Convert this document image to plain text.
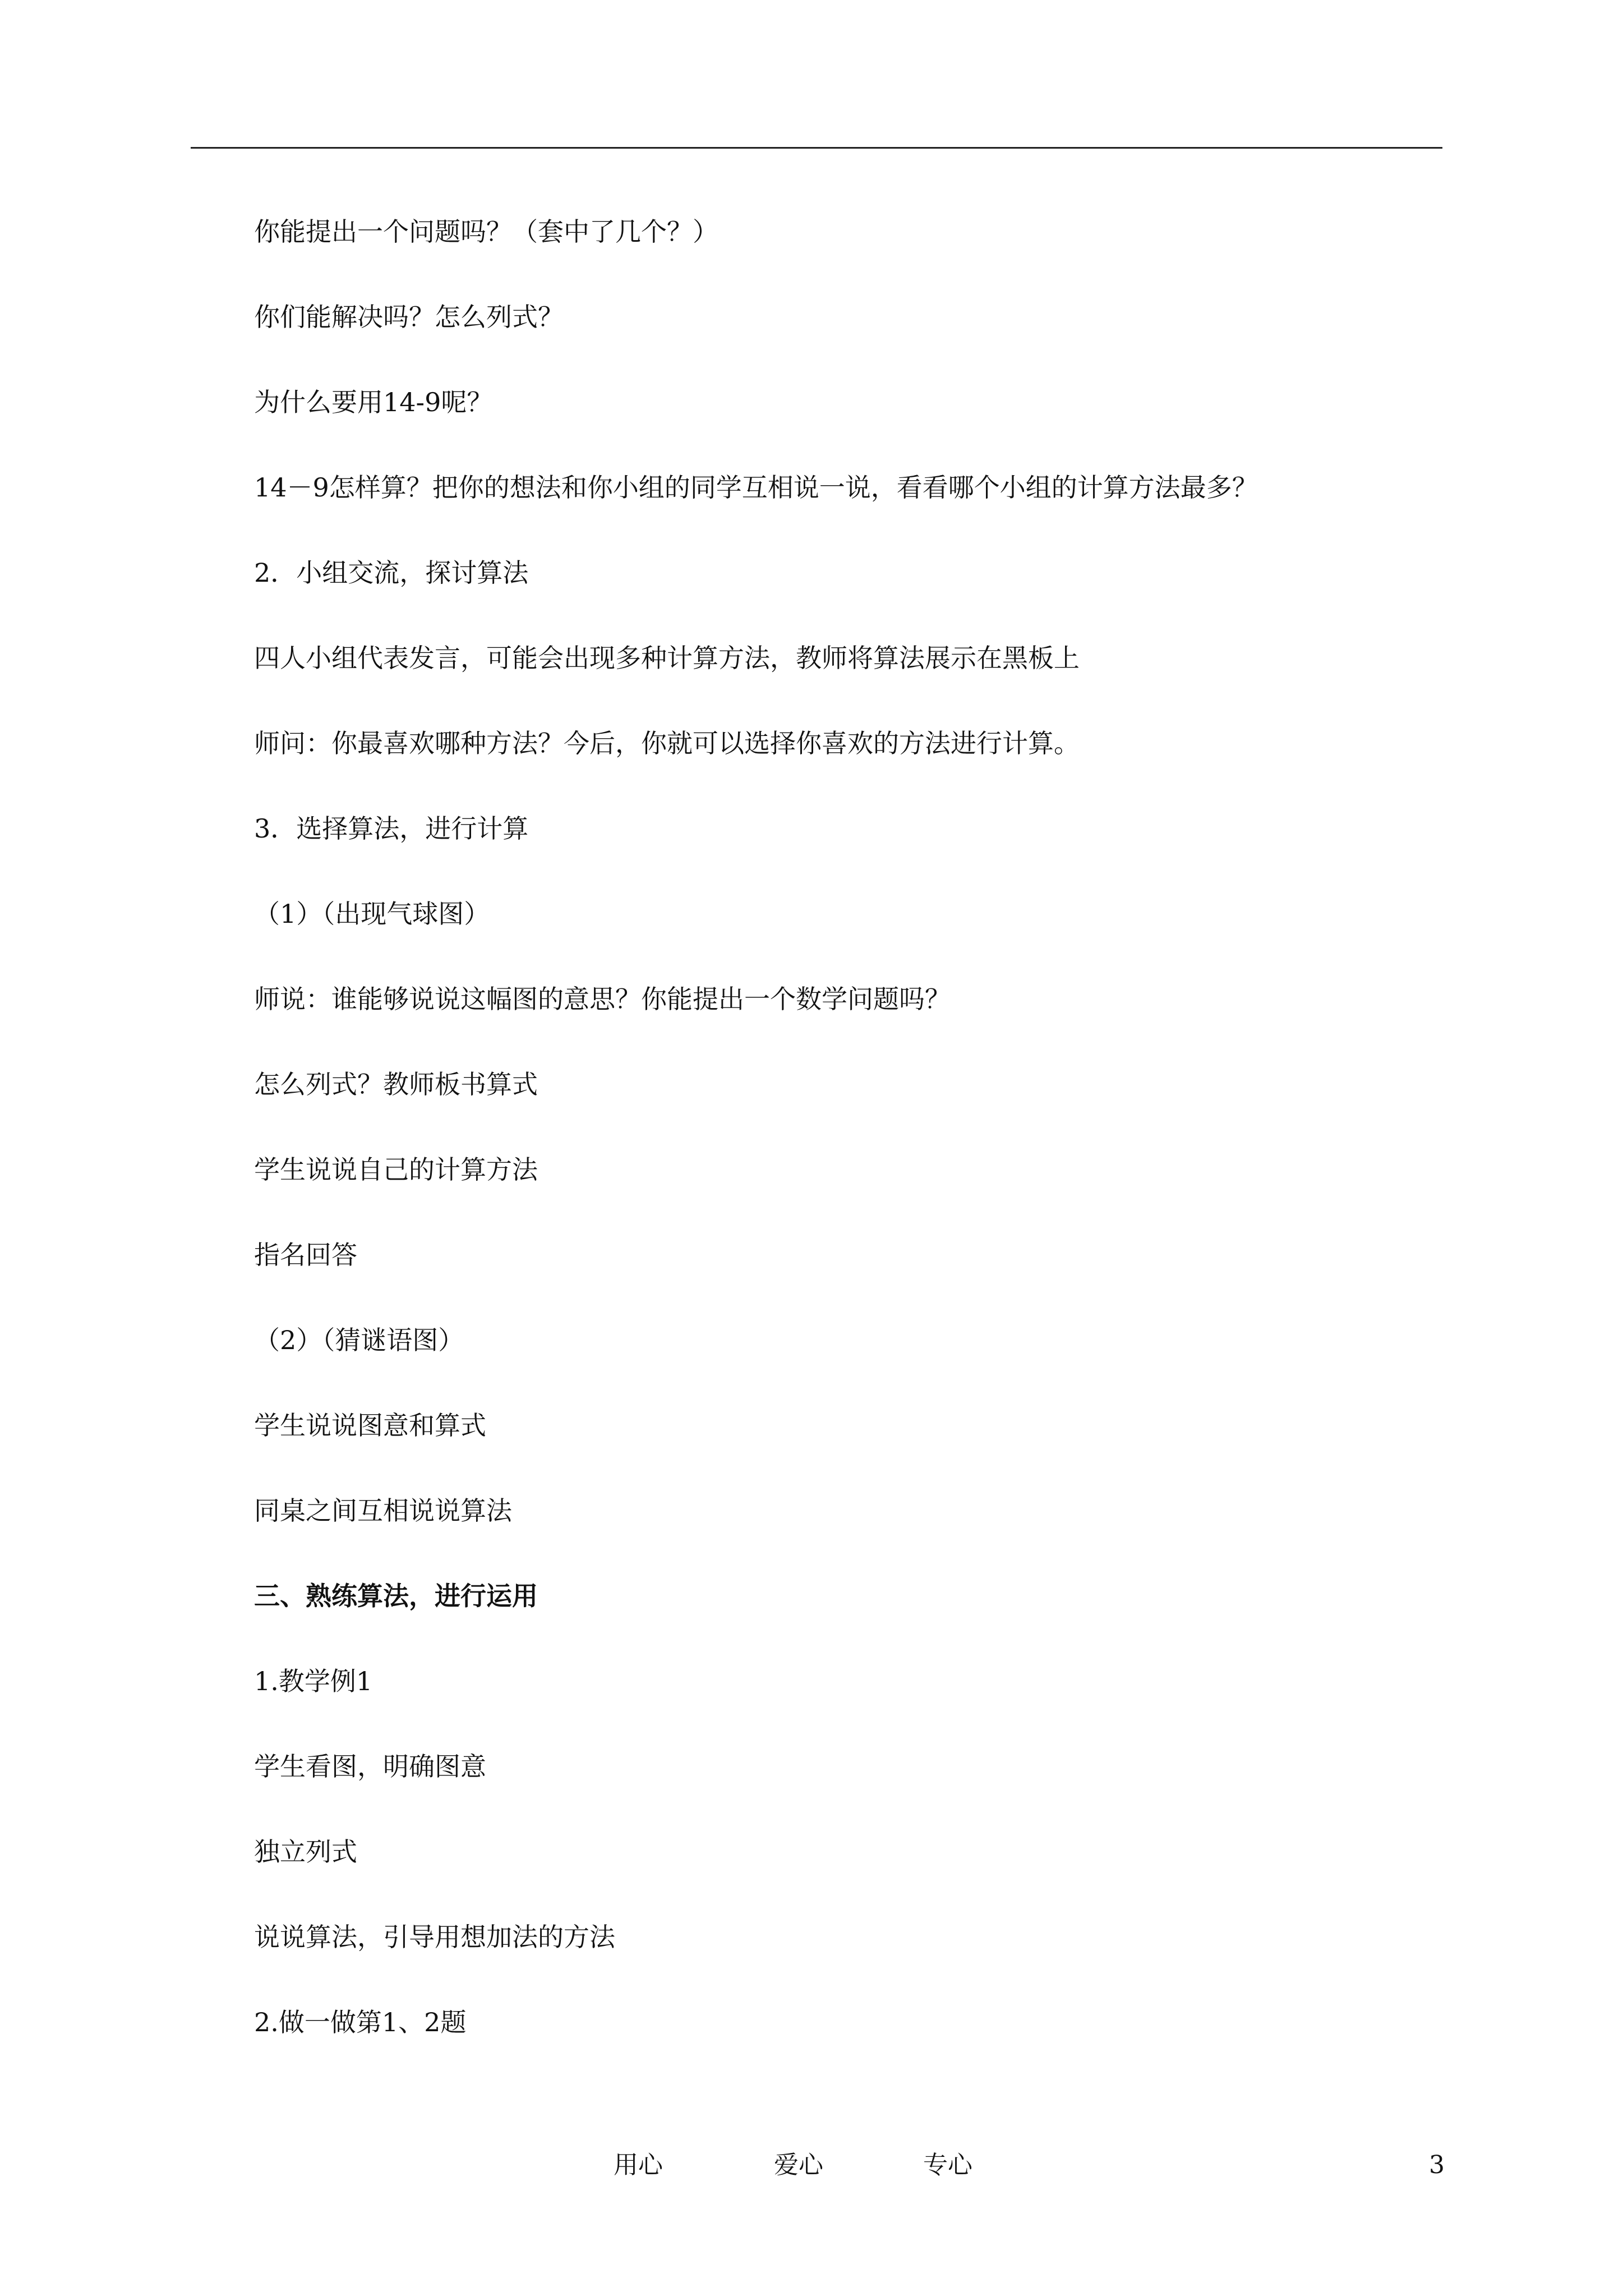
你能提出一个问题吗？（套中了几个？）
你们能解决吗？怎么列式？
为什么要用14-9呢？
14－9怎样算？把你的想法和你小组的同学互相说一说，看看哪个小组的计算方法最多？
2．小组交流，探讨算法
四人小组代表发言，可能会出现多种计算方法，教师将算法展示在黑板上
师问：你最喜欢哪种方法？今后，你就可以选择你喜欢的方法进行计算。
3．选择算法，进行计算
（1）（出现气球图）
师说：谁能够说说这幅图的意思？你能提出一个数学问题吗？
怎么列式？教师板书算式
学生说说自己的计算方法
指名回答
（2）（猜谜语图）
学生说说图意和算式
同桌之间互相说说算法
三、熟练算法，进行运用
1.教学例1
学生看图，明确图意
独立列式
说说算法，引导用想加法的方法
2.做一做第1、2题
用心	爱心	专心	3
